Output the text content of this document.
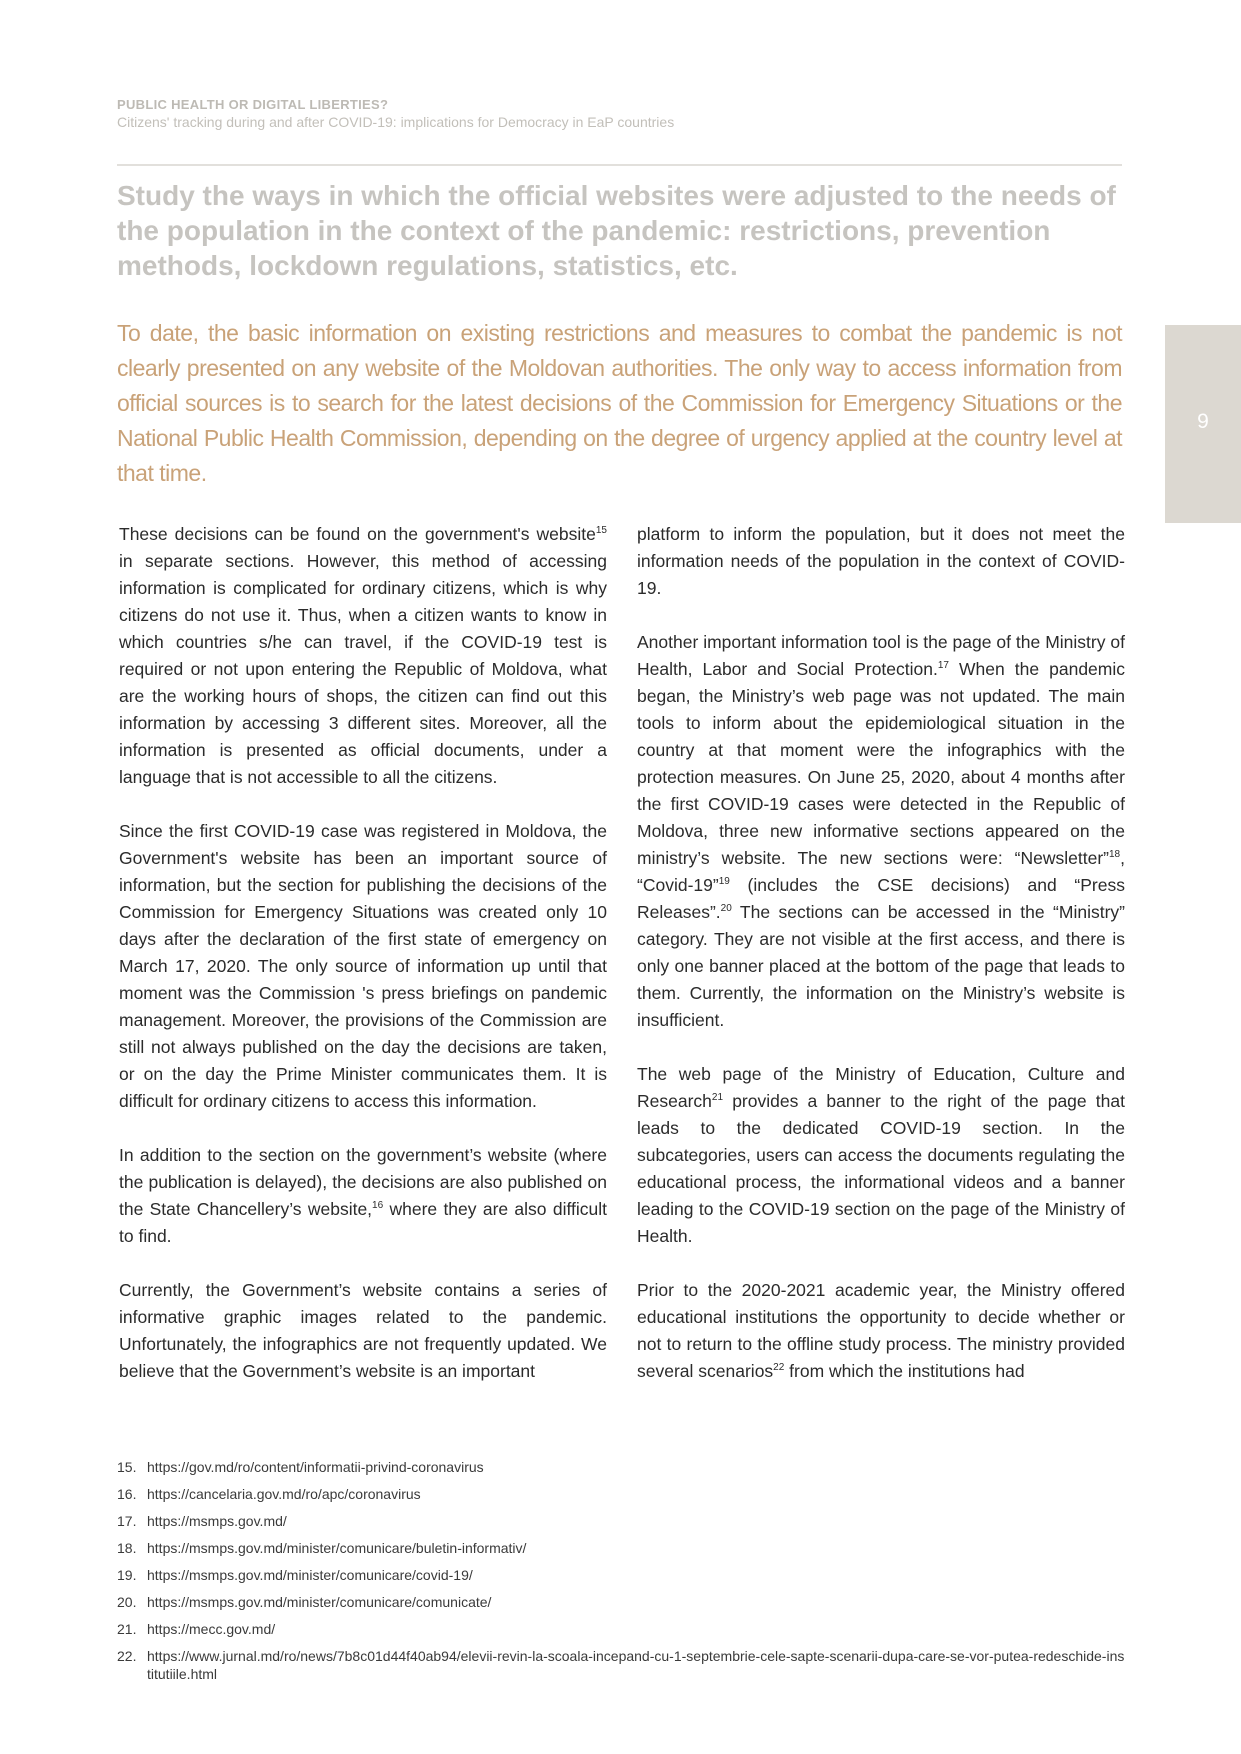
PUBLIC HEALTH OR DIGITAL LIBERTIES?
Citizens' tracking during and after COVID-19: implications for Democracy in EaP countries
Study the ways in which the official websites were adjusted to the needs of the population in the context of the pandemic: restrictions, prevention methods, lockdown regulations, statistics, etc.
To date, the basic information on existing restrictions and measures to combat the pandemic is not clearly presented on any website of the Moldovan authorities. The only way to access information from official sources is to search for the latest decisions of the Commission for Emergency Situations or the National Public Health Commission, depending on the degree of urgency applied at the country level at that time.
9

These decisions can be found on the government's website$^{15}$ in separate sections. However, this method of accessing information is complicated for ordinary citizens, which is why citizens do not use it. Thus, when a citizen wants to know in which countries s/he can travel, if the COVID-19 test is required or not upon entering the Republic of Moldova, what are the working hours of shops, the citizen can find out this information by accessing 3 different sites. Moreover, all the information is presented as official documents, under a language that is not accessible to all the citizens.

Since the first COVID-19 case was registered in Moldova, the Government's website has been an important source of information, but the section for publishing the decisions of the Commission for Emergency Situations was created only 10 days after the declaration of the first state of emergency on March 17, 2020. The only source of information up until that moment was the Commission 's press briefings on pandemic management. Moreover, the provisions of the Commission are still not always published on the day the decisions are taken, or on the day the Prime Minister communicates them. It is difficult for ordinary citizens to access this information.

In addition to the section on the government’s website (where the publication is delayed), the decisions are also published on the State Chancellery’s website,$^{16}$ where they are also difficult to find.

Currently, the Government’s website contains a series of informative graphic images related to the pandemic. Unfortunately, the infographics are not frequently updated. We believe that the Government’s website is an important

platform to inform the population, but it does not meet the information needs of the population in the context of COVID-19.

Another important information tool is the page of the Ministry of Health, Labor and Social Protection.$^{17}$ When the pandemic began, the Ministry’s web page was not updated. The main tools to inform about the epidemiological situation in the country at that moment were the infographics with the protection measures. On June 25, 2020, about 4 months after the first COVID-19 cases were detected in the Republic of Moldova, three new informative sections appeared on the ministry’s website. The new sections were: “Newsletter”$^{18}$, “Covid-19”$^{19}$ (includes the CSE decisions) and “Press Releases”.$^{20}$ The sections can be accessed in the “Ministry” category. They are not visible at the first access, and there is only one banner placed at the bottom of the page that leads to them. Currently, the information on the Ministry’s website is insufficient.

The web page of the Ministry of Education, Culture and Research$^{21}$ provides a banner to the right of the page that leads to the dedicated COVID-19 section. In the subcategories, users can access the documents regulating the educational process, the informational videos and a banner leading to the COVID-19 section on the page of the Ministry of Health.

Prior to the 2020-2021 academic year, the Ministry offered educational institutions the opportunity to decide whether or not to return to the offline study process. The ministry provided several scenarios$^{22}$ from which the institutions had

15. https://gov.md/ro/content/informatii-privind-coronavirus
16. https://cancelaria.gov.md/ro/apc/coronavirus
17. https://msmps.gov.md/
18. https://msmps.gov.md/minister/comunicare/buletin-informativ/
19. https://msmps.gov.md/minister/comunicare/covid-19/
20. https://msmps.gov.md/minister/comunicare/comunicate/
21. https://mecc.gov.md/
22. https://www.jurnal.md/ro/news/7b8c01d44f40ab94/elevii-revin-la-scoala-incepand-cu-1-septembrie-cele-sapte-scenarii-dupa-care-se-vor-putea-redeschide-institutiile.html
